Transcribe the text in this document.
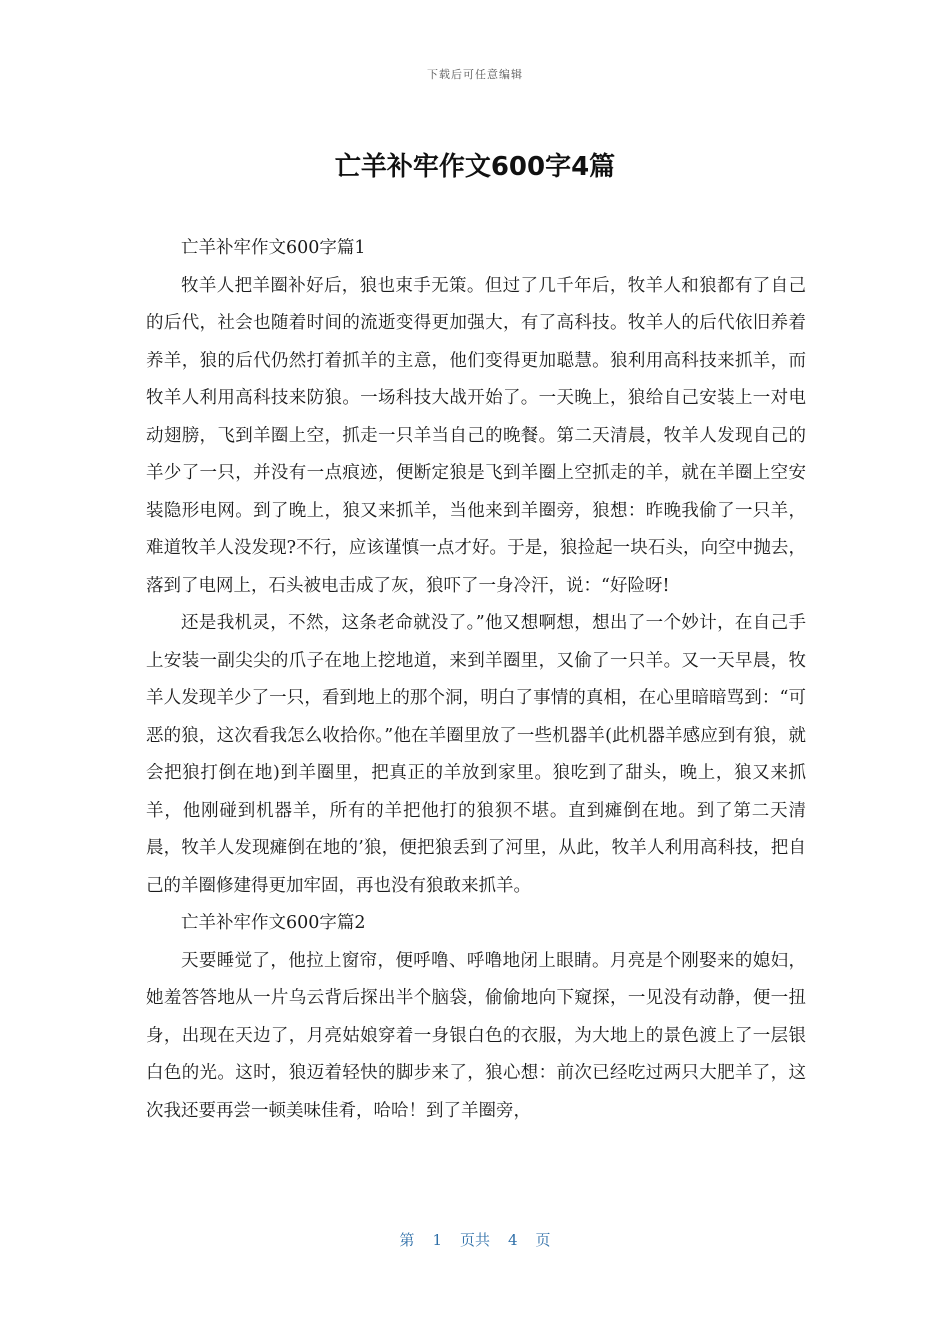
下载后可任意编辑
亡羊补牢作文600字4篇

亡羊补牢作文600字篇1

牧羊人把羊圈补好后，狼也束手无策。但过了几千年后，牧羊人和狼都有了自己的后代，社会也随着时间的流逝变得更加强大，有了高科技。牧羊人的后代依旧养着养羊，狼的后代仍然打着抓羊的主意，他们变得更加聪慧。狼利用高科技来抓羊，而牧羊人利用高科技来防狼。一场科技大战开始了。一天晚上，狼给自己安装上一对电动翅膀，飞到羊圈上空，抓走一只羊当自己的晚餐。第二天清晨，牧羊人发现自己的羊少了一只，并没有一点痕迹，便断定狼是飞到羊圈上空抓走的羊，就在羊圈上空安装隐形电网。到了晚上，狼又来抓羊，当他来到羊圈旁，狼想：昨晚我偷了一只羊，难道牧羊人没发现?不行，应该谨慎一点才好。于是，狼捡起一块石头，向空中抛去，落到了电网上，石头被电击成了灰，狼吓了一身冷汗，说：“好险呀!

还是我机灵，不然，这条老命就没了。”他又想啊想，想出了一个妙计，在自己手上安装一副尖尖的爪子在地上挖地道，来到羊圈里，又偷了一只羊。又一天早晨，牧羊人发现羊少了一只，看到地上的那个洞，明白了事情的真相，在心里暗暗骂到：“可恶的狼，这次看我怎么收拾你。”他在羊圈里放了一些机器羊(此机器羊感应到有狼，就会把狼打倒在地)到羊圈里，把真正的羊放到家里。狼吃到了甜头，晚上，狼又来抓羊，他刚碰到机器羊，所有的羊把他打的狼狈不堪。直到瘫倒在地。到了第二天清晨，牧羊人发现瘫倒在地的’狼，便把狼丢到了河里，从此，牧羊人利用高科技，把自己的羊圈修建得更加牢固，再也没有狼敢来抓羊。

亡羊补牢作文600字篇2

天要睡觉了，他拉上窗帘，便呼噜、呼噜地闭上眼睛。月亮是个刚娶来的媳妇，她羞答答地从一片乌云背后探出半个脑袋，偷偷地向下窥探，一见没有动静，便一扭身，出现在天边了，月亮姑娘穿着一身银白色的衣服，为大地上的景色渡上了一层银白色的光。这时，狼迈着轻快的脚步来了，狼心想：前次已经吃过两只大肥羊了，这次我还要再尝一顿美味佳肴，哈哈！到了羊圈旁，

第 1 页共 4 页
